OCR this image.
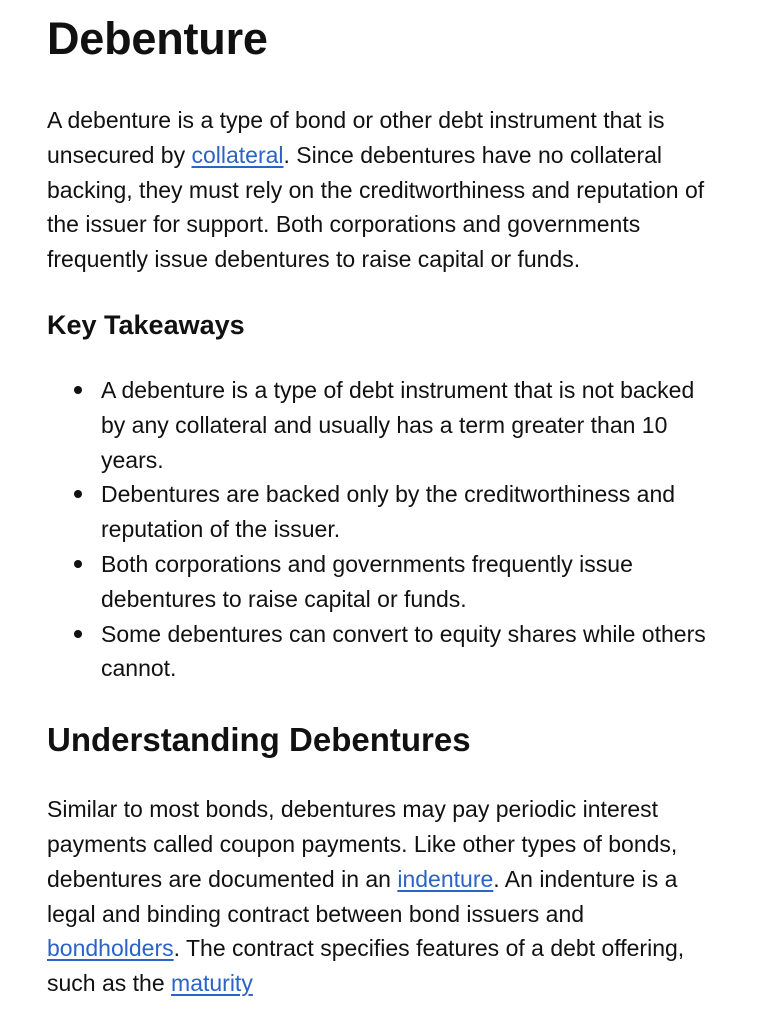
Debenture

A debenture is a type of bond or other debt instrument that is unsecured by collateral. Since debentures have no collateral backing, they must rely on the creditworthiness and reputation of the issuer for support. Both corporations and governments frequently issue debentures to raise capital or funds.

Key Takeaways
A debenture is a type of debt instrument that is not backed by any collateral and usually has a term greater than 10 years.
Debentures are backed only by the creditworthiness and reputation of the issuer.
Both corporations and governments frequently issue debentures to raise capital or funds.
Some debentures can convert to equity shares while others cannot.
Understanding Debentures

Similar to most bonds, debentures may pay periodic interest payments called coupon payments. Like other types of bonds, debentures are documented in an indenture. An indenture is a legal and binding contract between bond issuers and bondholders. The contract specifies features of a debt offering, such as the maturity
